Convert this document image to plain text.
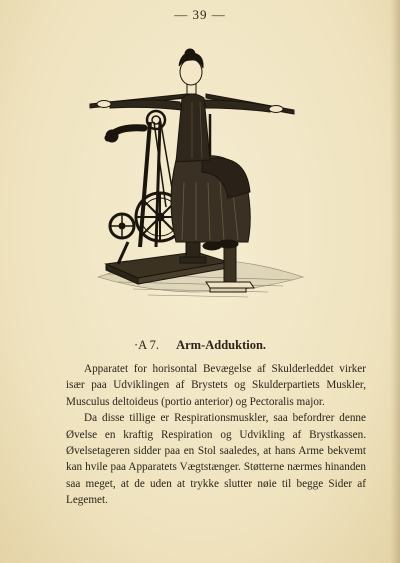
— 39 —
·A 7. Arm-Adduktion.

Apparatet for horisontal Bevægelse af Skulderleddet virker især paa Udviklingen af Brystets og Skulderpartiets Muskler, Musculus deltoideus (portio anterior) og Pectoralis major.

Da disse tillige er Respirationsmuskler, saa befordrer denne Øvelse en kraftig Respiration og Udvikling af Brystkassen. Øvelsetageren sidder paa en Stol saaledes, at hans Arme bekvemt kan hvile paa Apparatets Vægtstænger. Støtterne nærmes hinanden saa meget, at de uden at trykke slutter nøie til begge Sider af Legemet.
